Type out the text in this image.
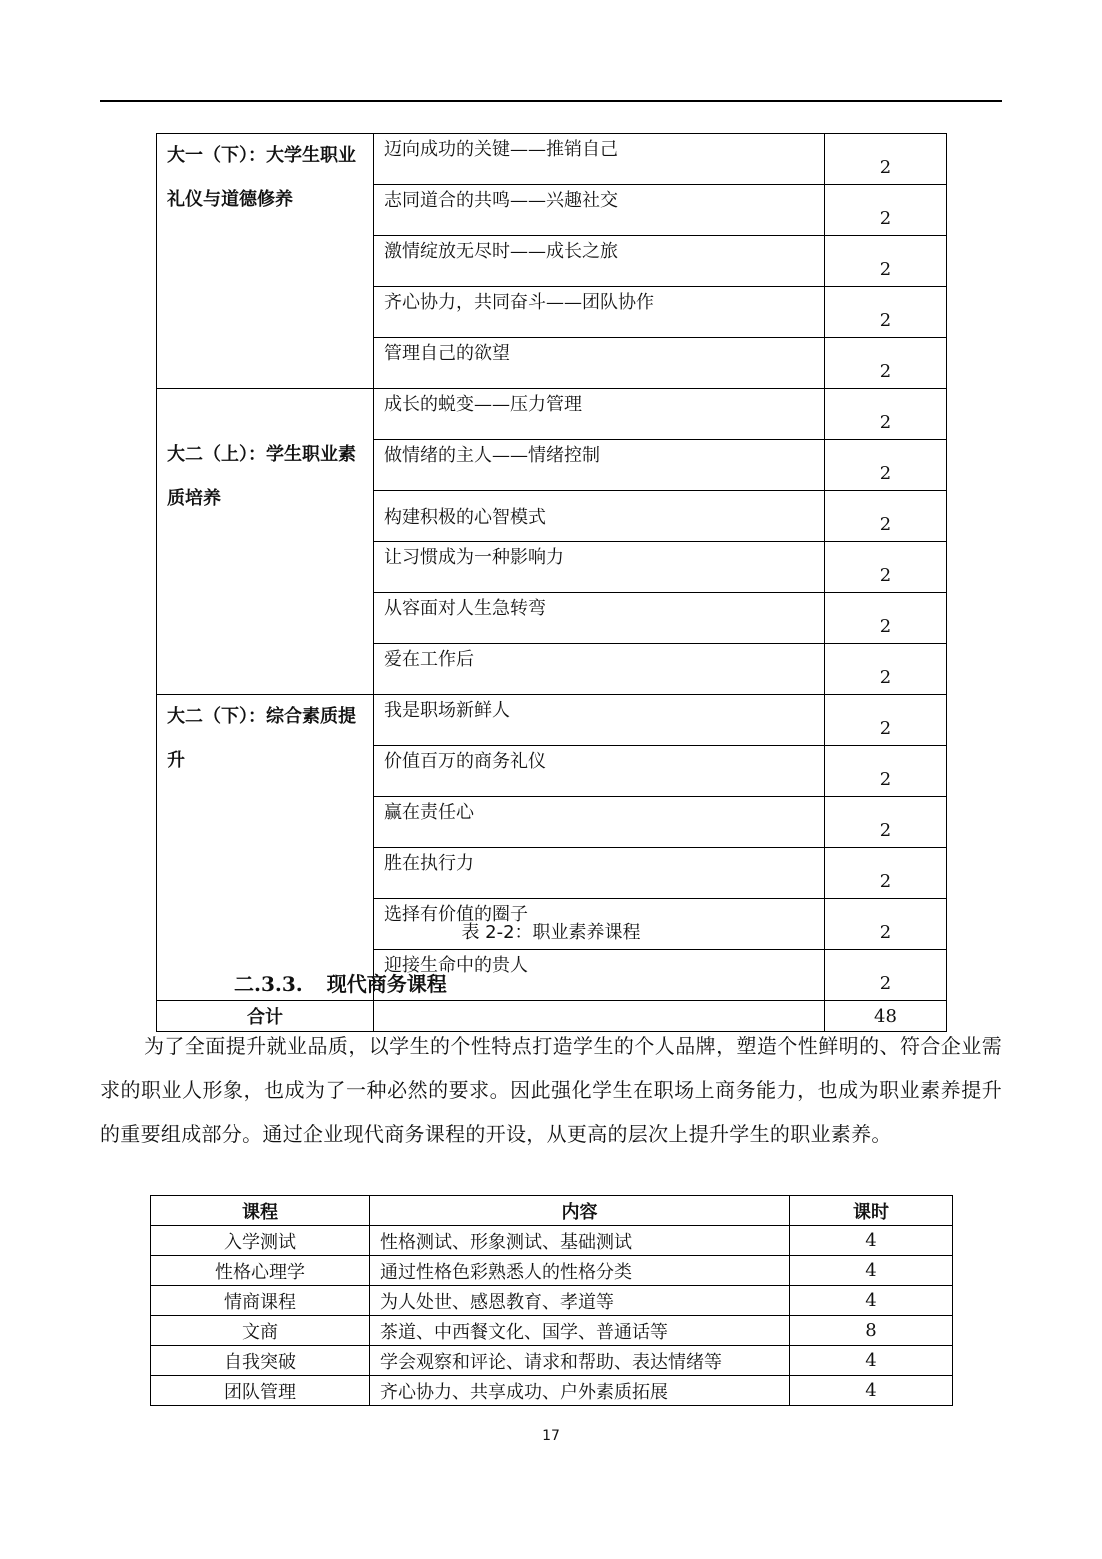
大一（下）：大学生职业礼仪与道德修养	迈向成功的关键——推销自己	2
	志同道合的共鸣——兴趣社交	2
	激情绽放无尽时——成长之旅	2
	齐心协力，共同奋斗——团队协作	2
	管理自己的欲望	2
大二（上）：学生职业素质培养	成长的蜕变——压力管理	2
	做情绪的主人——情绪控制	2
	构建积极的心智模式	2
	让习惯成为一种影响力	2
	从容面对人生急转弯	2
	爱在工作后	2
大二（下）：综合素质提升	我是职场新鲜人	2
	价值百万的商务礼仪	2
	赢在责任心	2
	胜在执行力	2
	选择有价值的圈子	2
	迎接生命中的贵人	2
合计		48
表 2-2：职业素养课程
二.3.3. 现代商务课程
为了全面提升就业品质，以学生的个性特点打造学生的个人品牌，塑造个性鲜明的、符合企业需求的职业人形象，也成为了一种必然的要求。因此强化学生在职场上商务能力，也成为职业素养提升的重要组成部分。通过企业现代商务课程的开设，从更高的层次上提升学生的职业素养。
课程	内容	课时
入学测试	性格测试、形象测试、基础测试	4
性格心理学	通过性格色彩熟悉人的性格分类	4
情商课程	为人处世、感恩教育、孝道等	4
文商	茶道、中西餐文化、国学、普通话等	8
自我突破	学会观察和评论、请求和帮助、表达情绪等	4
团队管理	齐心协力、共享成功、户外素质拓展	4
17
